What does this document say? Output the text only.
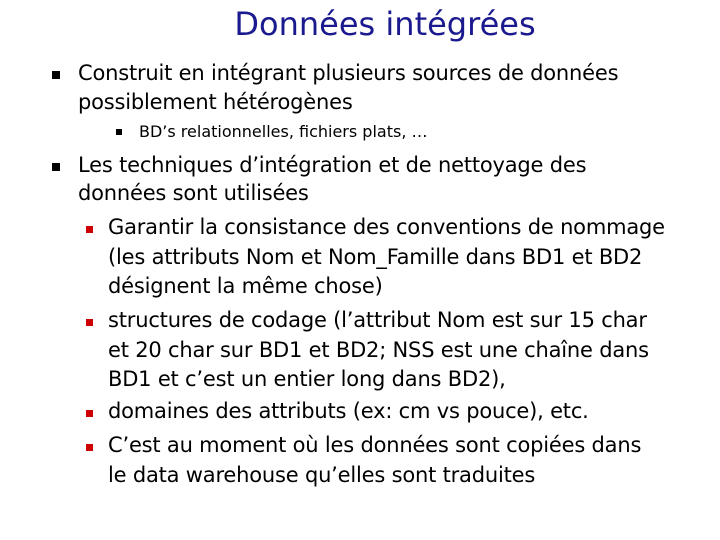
Données intégrées

Construit en intégrant plusieurs sources de données

possiblement hétérogènes

BD’s relationnelles, fichiers plats, …

Les techniques d’intégration et de nettoyage des

données sont utilisées

Garantir la consistance des conventions de nommage

(les attributs Nom et Nom_Famille dans BD1 et BD2

désignent la même chose)

structures de codage (l’attribut Nom est sur 15 char

et 20 char sur BD1 et BD2; NSS est une chaîne dans

BD1 et c’est un entier long dans BD2),

domaines des attributs (ex: cm vs pouce), etc.

C’est au moment où les données sont copiées dans

le data warehouse qu’elles sont traduites
